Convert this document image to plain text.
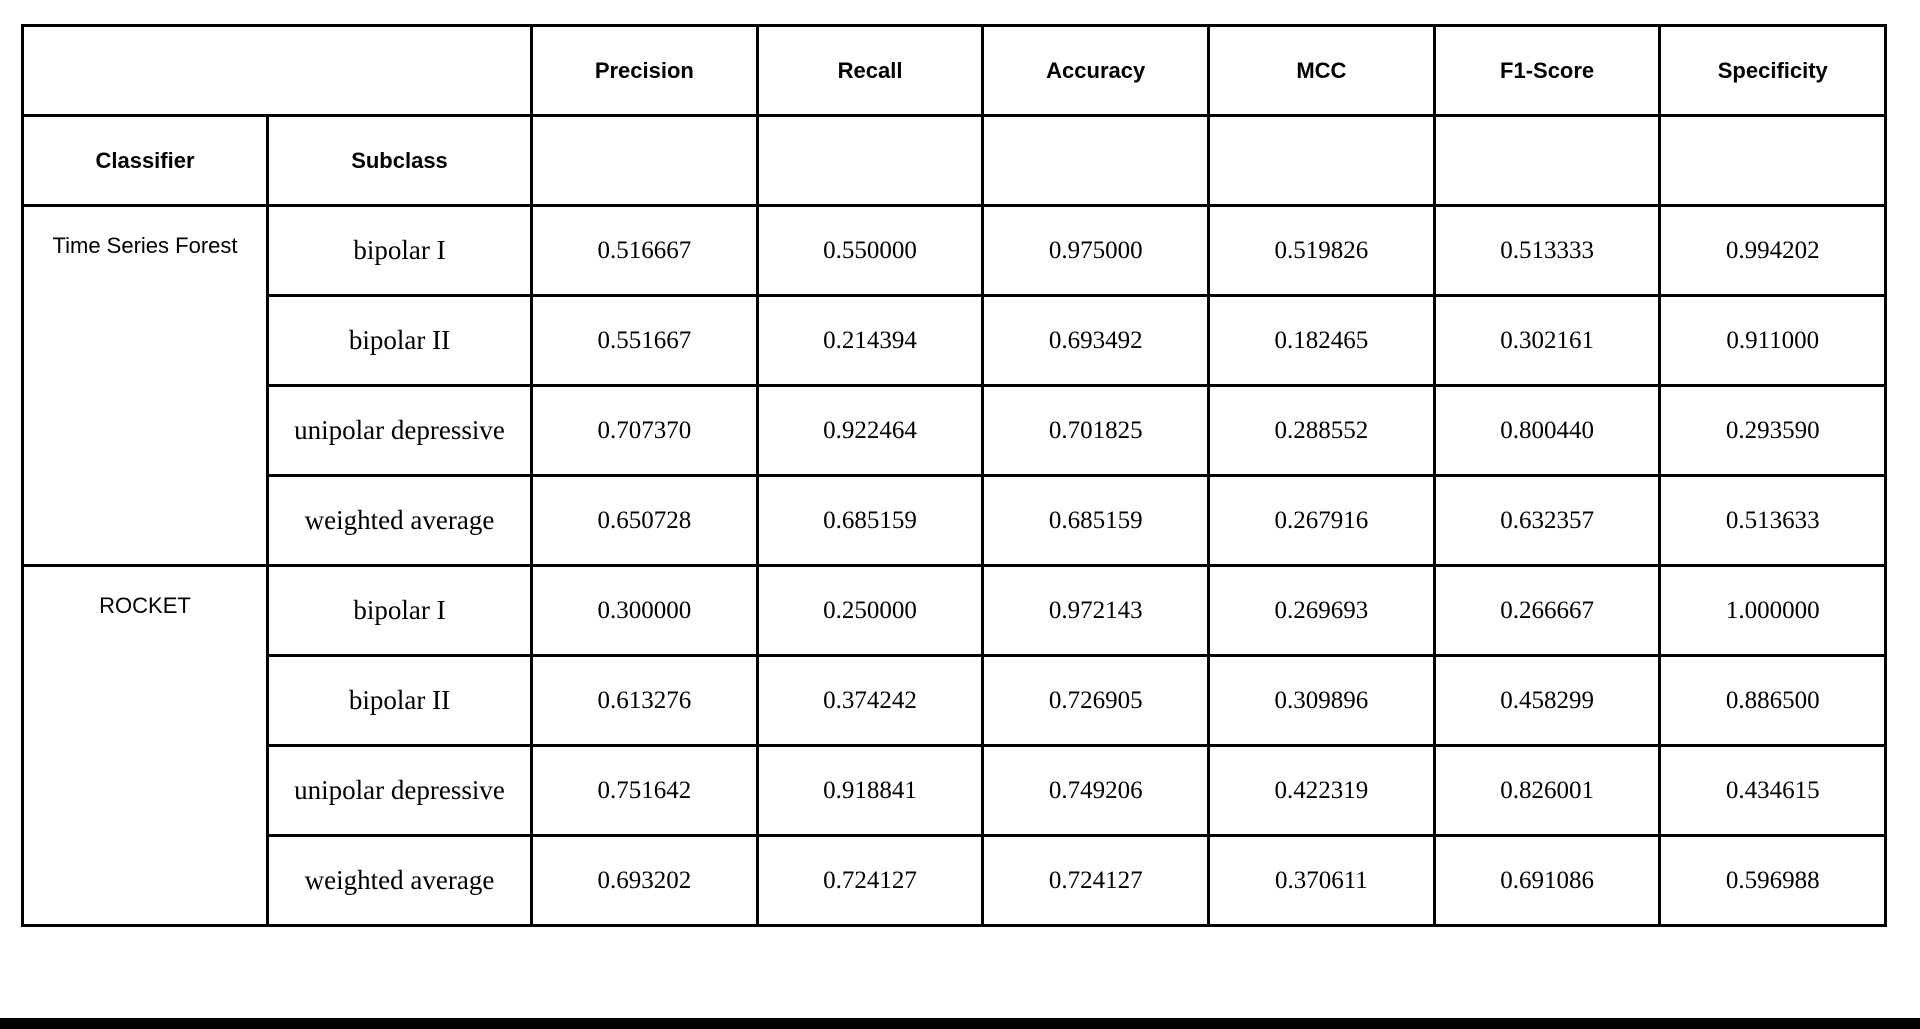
		Precision	Recall	Accuracy	MCC	F1-Score	Specificity
Classifier	Subclass						

Time Series Forest	bipolar I	0.516667	0.550000	0.975000	0.519826	0.513333	0.994202
	bipolar II	0.551667	0.214394	0.693492	0.182465	0.302161	0.911000
	unipolar depressive	0.707370	0.922464	0.701825	0.288552	0.800440	0.293590
	weighted average	0.650728	0.685159	0.685159	0.267916	0.632357	0.513633

ROCKET	bipolar I	0.300000	0.250000	0.972143	0.269693	0.266667	1.000000
	bipolar II	0.613276	0.374242	0.726905	0.309896	0.458299	0.886500
	unipolar depressive	0.751642	0.918841	0.749206	0.422319	0.826001	0.434615
	weighted average	0.693202	0.724127	0.724127	0.370611	0.691086	0.596988
